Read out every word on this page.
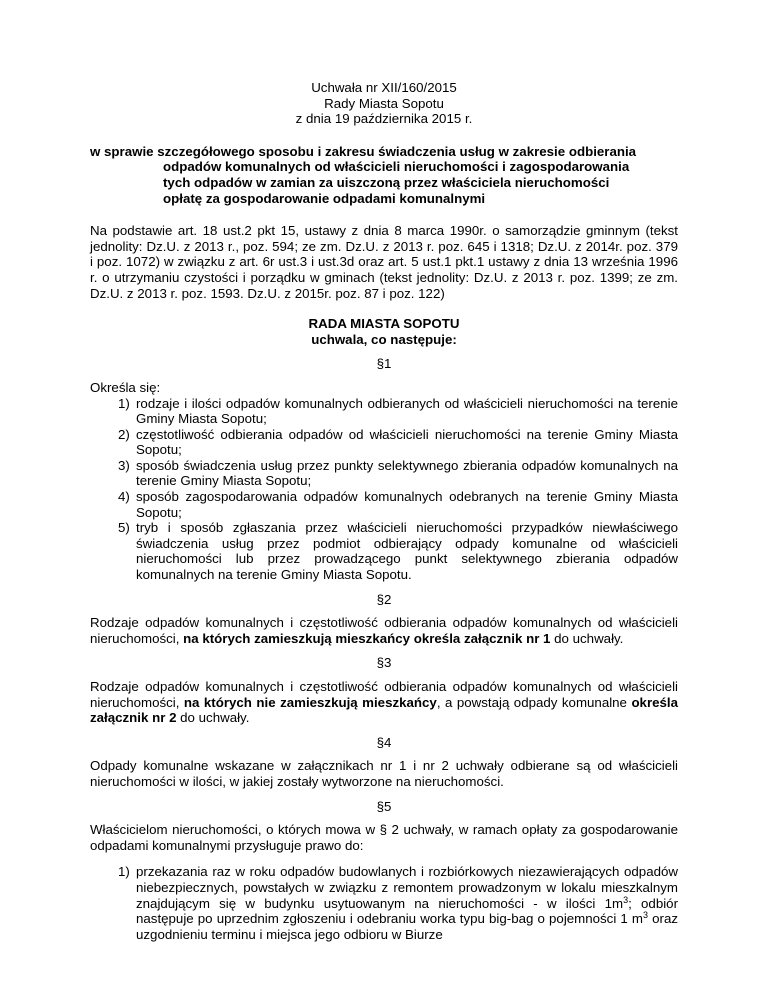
Uchwała nr XII/160/2015

Rady Miasta Sopotu

z dnia 19 października 2015 r.

w sprawie szczegółowego sposobu i zakresu świadczenia usług w zakresie odbierania
odpadów komunalnych od właścicieli nieruchomości i zagospodarowania
tych odpadów w zamian za uiszczoną przez właściciela nieruchomości
opłatę za gospodarowanie odpadami komunalnymi

Na podstawie art. 18 ust.2 pkt 15, ustawy z dnia 8 marca 1990r. o samorządzie gminnym (tekst jednolity: Dz.U. z 2013 r., poz. 594; ze zm. Dz.U. z 2013 r. poz. 645 i 1318; Dz.U. z 2014r. poz. 379 i poz. 1072) w związku z art. 6r ust.3 i ust.3d oraz art. 5 ust.1 pkt.1 ustawy z dnia 13 września 1996 r. o utrzymaniu czystości i porządku w gminach (tekst jednolity: Dz.U. z 2013 r. poz. 1399; ze zm. Dz.U. z 2013 r. poz. 1593. Dz.U. z 2015r. poz. 87 i poz. 122)

RADA MIASTA SOPOTU
uchwala, co następuje:
§1

Określa się:

1) rodzaje i ilości odpadów komunalnych odbieranych od właścicieli nieruchomości na terenie Gminy Miasta Sopotu;
2) częstotliwość odbierania odpadów od właścicieli nieruchomości na terenie Gminy Miasta Sopotu;
3) sposób świadczenia usług przez punkty selektywnego zbierania odpadów komunalnych na terenie Gminy Miasta Sopotu;
4) sposób zagospodarowania odpadów komunalnych odebranych na terenie Gminy Miasta Sopotu;
5) tryb i sposób zgłaszania przez właścicieli nieruchomości przypadków niewłaściwego świadczenia usług przez podmiot odbierający odpady komunalne od właścicieli nieruchomości lub przez prowadzącego punkt selektywnego zbierania odpadów komunalnych na terenie Gminy Miasta Sopotu.
§2

Rodzaje odpadów komunalnych i częstotliwość odbierania odpadów komunalnych od właścicieli nieruchomości, na których zamieszkują mieszkańcy określa załącznik nr 1 do uchwały.

§3

Rodzaje odpadów komunalnych i częstotliwość odbierania odpadów komunalnych od właścicieli nieruchomości, na których nie zamieszkują mieszkańcy, a powstają odpady komunalne określa załącznik nr 2 do uchwały.

§4

Odpady komunalne wskazane w załącznikach nr 1 i nr 2 uchwały odbierane są od właścicieli nieruchomości w ilości, w jakiej zostały wytworzone na nieruchomości.

§5

Właścicielom nieruchomości, o których mowa w § 2 uchwały, w ramach opłaty za gospodarowanie odpadami komunalnymi przysługuje prawo do:

1) przekazania raz w roku odpadów budowlanych i rozbiórkowych niezawierających odpadów niebezpiecznych, powstałych w związku z remontem prowadzonym w lokalu mieszkalnym znajdującym się w budynku usytuowanym na nieruchomości - w ilości $1m^3$; odbiór następuje po uprzednim zgłoszeniu i odebraniu worka typu big-bag o pojemności 1 $m^3$ oraz uzgodnieniu terminu i miejsca jego odbioru w Biurze
